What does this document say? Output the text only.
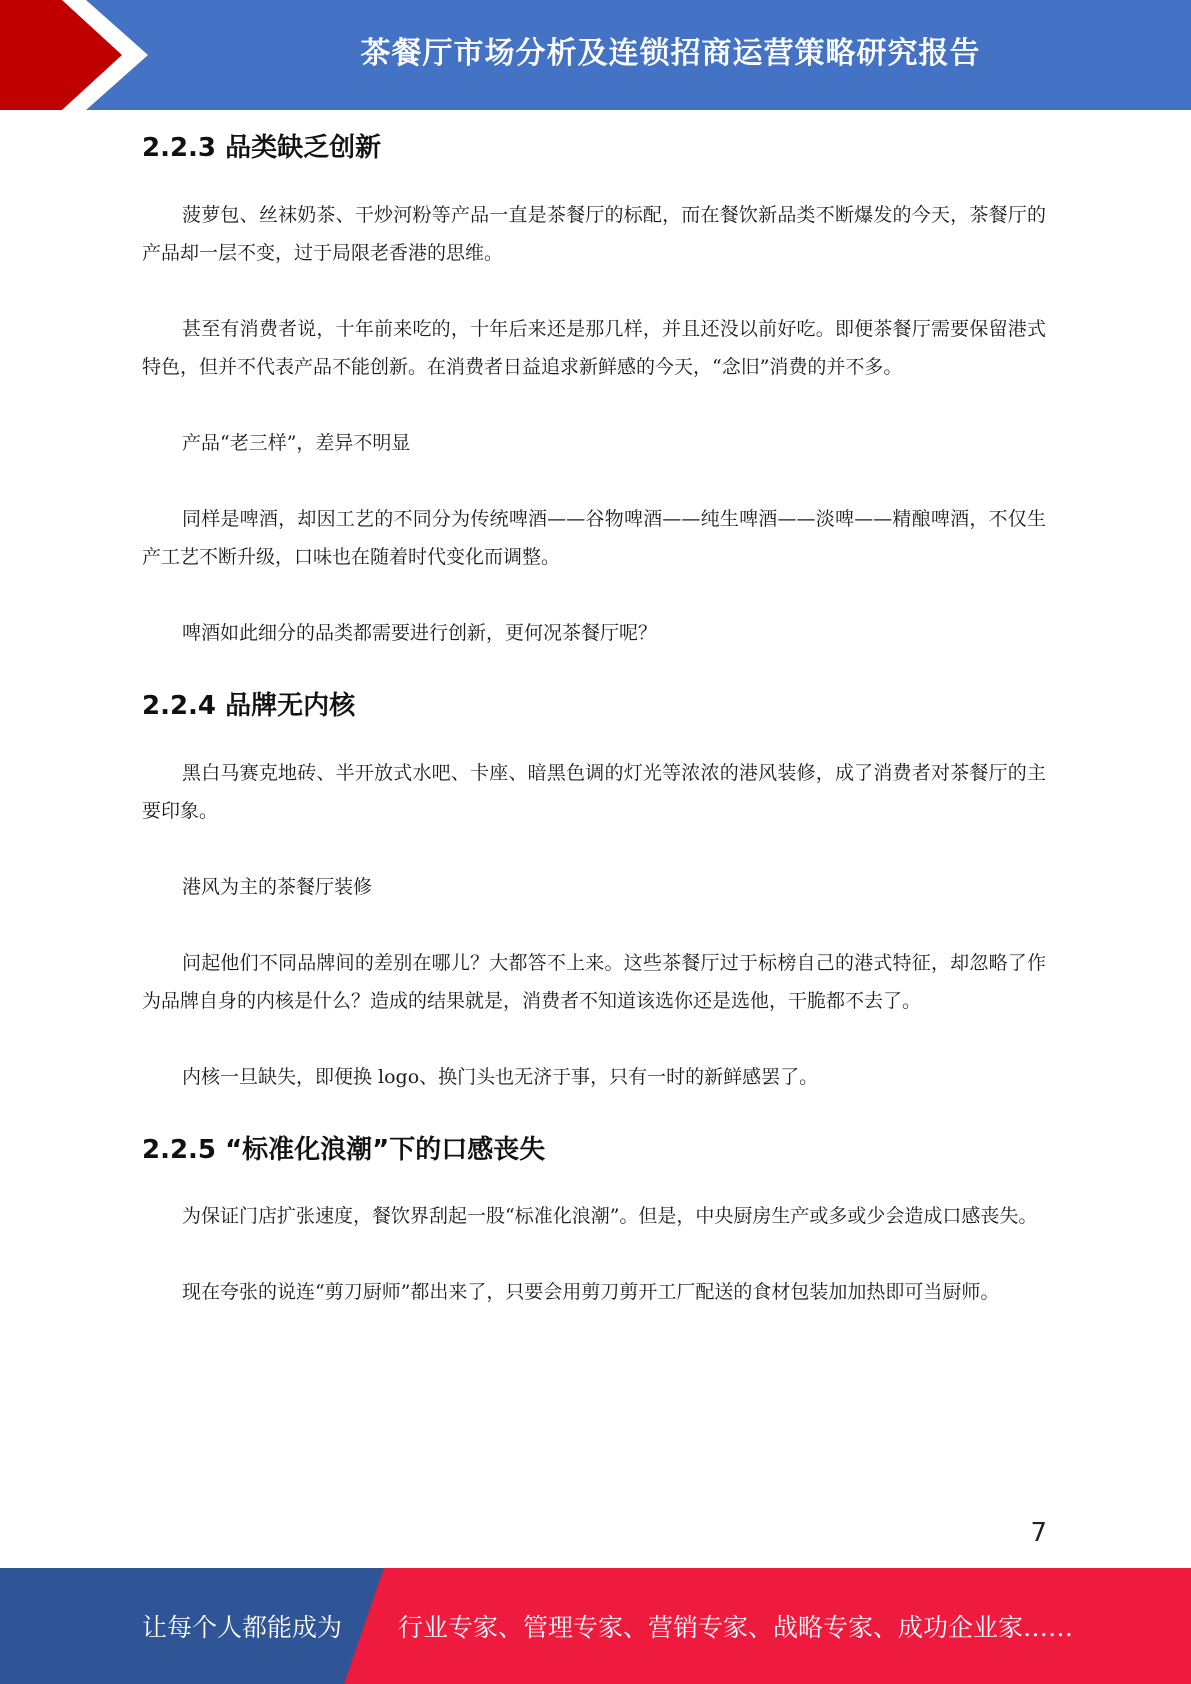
茶餐厅市场分析及连锁招商运营策略研究报告
2.2.3 品类缺乏创新

菠萝包、丝袜奶茶、干炒河粉等产品一直是茶餐厅的标配，而在餐饮新品类不断爆发的今天，茶餐厅的产品却一层不变，过于局限老香港的思维。

甚至有消费者说，十年前来吃的，十年后来还是那几样，并且还没以前好吃。即便茶餐厅需要保留港式特色，但并不代表产品不能创新。在消费者日益追求新鲜感的今天，“念旧”消费的并不多。

产品“老三样”，差异不明显

同样是啤酒，却因工艺的不同分为传统啤酒——谷物啤酒——纯生啤酒——淡啤——精酿啤酒，不仅生产工艺不断升级，口味也在随着时代变化而调整。

啤酒如此细分的品类都需要进行创新，更何况茶餐厅呢？

2.2.4 品牌无内核

黑白马赛克地砖、半开放式水吧、卡座、暗黑色调的灯光等浓浓的港风装修，成了消费者对茶餐厅的主要印象。

港风为主的茶餐厅装修

问起他们不同品牌间的差别在哪儿？大都答不上来。这些茶餐厅过于标榜自己的港式特征，却忽略了作为品牌自身的内核是什么？造成的结果就是，消费者不知道该选你还是选他，干脆都不去了。

内核一旦缺失，即便换 logo、换门头也无济于事，只有一时的新鲜感罢了。

2.2.5 “标准化浪潮”下的口感丧失

为保证门店扩张速度，餐饮界刮起一股“标准化浪潮”。但是，中央厨房生产或多或少会造成口感丧失。

现在夸张的说连“剪刀厨师”都出来了，只要会用剪刀剪开工厂配送的食材包装加加热即可当厨师。

7
让每个人都能成为 行业专家、管理专家、营销专家、战略专家、成功企业家……
